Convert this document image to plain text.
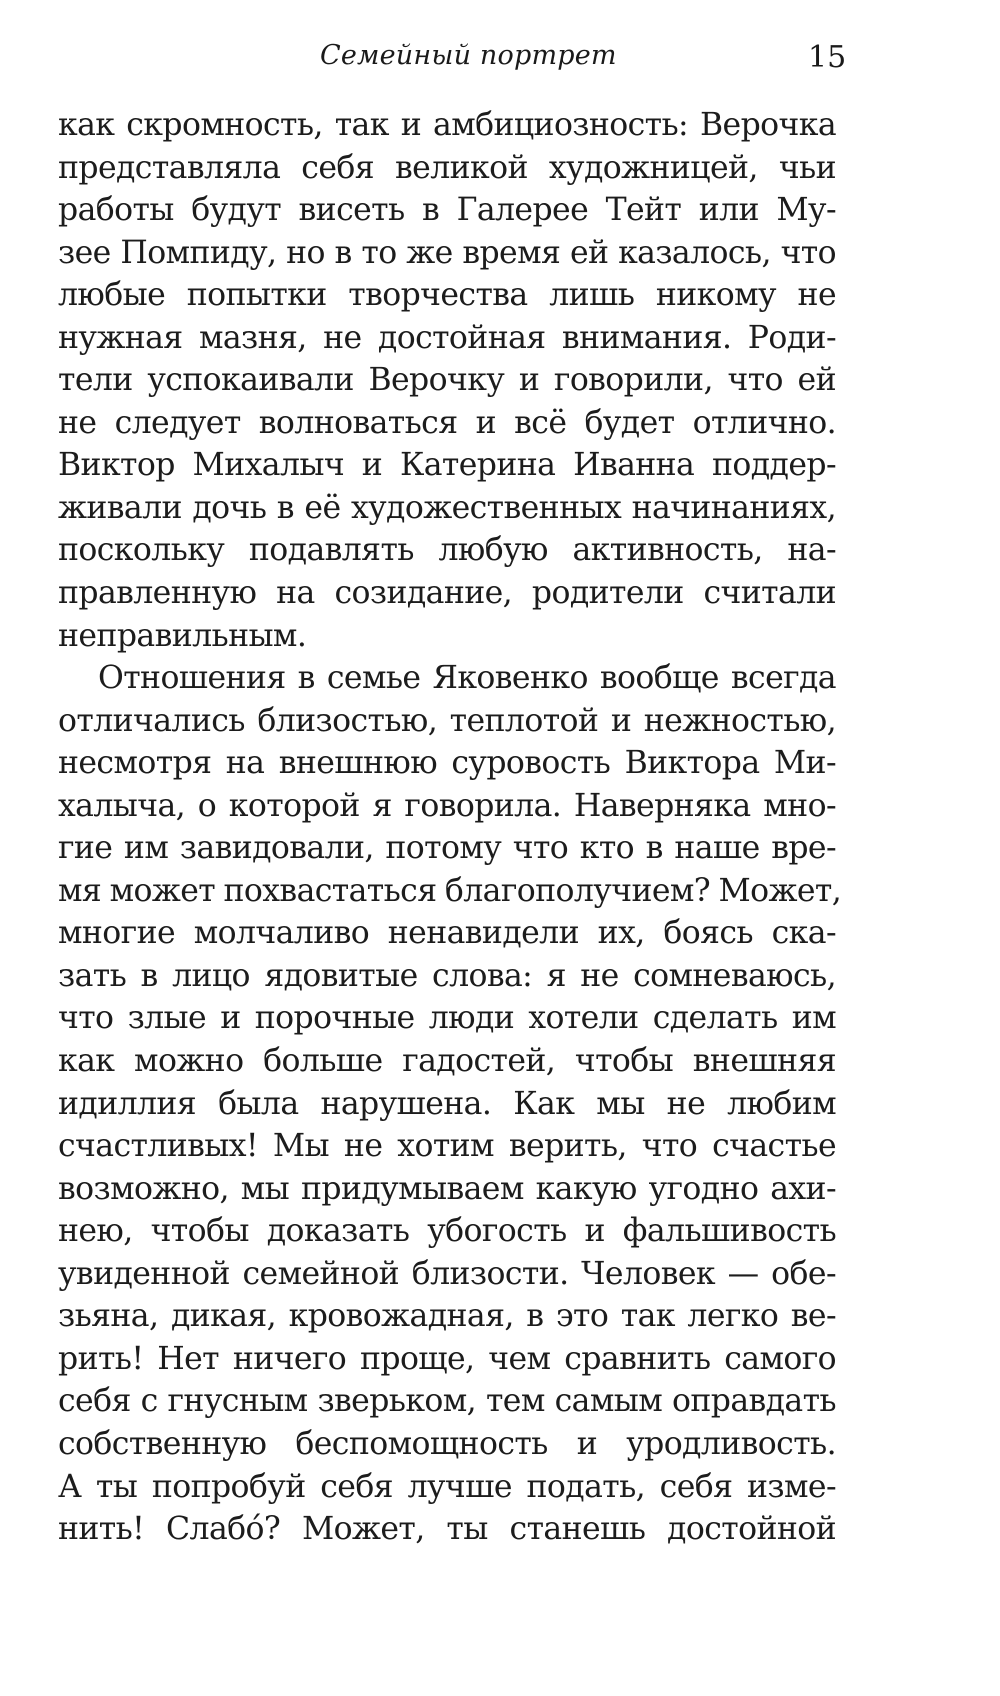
Семейный портрет	15
как скромность, так и амбициозность: Верочка
представляла себя великой художницей, чьи
работы будут висеть в Галерее Тейт или Му-
зее Помпиду, но в то же время ей казалось, что
любые попытки творчества лишь никому не
нужная мазня, не достойная внимания. Роди-
тели успокаивали Верочку и говорили, что ей
не следует волноваться и всё будет отлично.
Виктор Михалыч и Катерина Иванна поддер-
живали дочь в её художественных начинаниях,
поскольку подавлять любую активность, на-
правленную на созидание, родители считали
неправильным.
Отношения в семье Яковенко вообще всегда
отличались близостью, теплотой и нежностью,
несмотря на внешнюю суровость Виктора Ми-
халыча, о которой я говорила. Наверняка мно-
гие им завидовали, потому что кто в наше вре-
мя может похвастаться благополучием? Может,
многие молчаливо ненавидели их, боясь ска-
зать в лицо ядовитые слова: я не сомневаюсь,
что злые и порочные люди хотели сделать им
как можно больше гадостей, чтобы внешняя
идиллия была нарушена. Как мы не любим
счастливых! Мы не хотим верить, что счастье
возможно, мы придумываем какую угодно ахи-
нею, чтобы доказать убогость и фальшивость
увиденной семейной близости. Человек — обе-
зьяна, дикая, кровожадная, в это так легко ве-
рить! Нет ничего проще, чем сравнить самого
себя с гнусным зверьком, тем самым оправдать
собственную беспомощность и уродливость.
А ты попробуй себя лучше подать, себя изме-
нить! Слабó? Может, ты станешь достойной
